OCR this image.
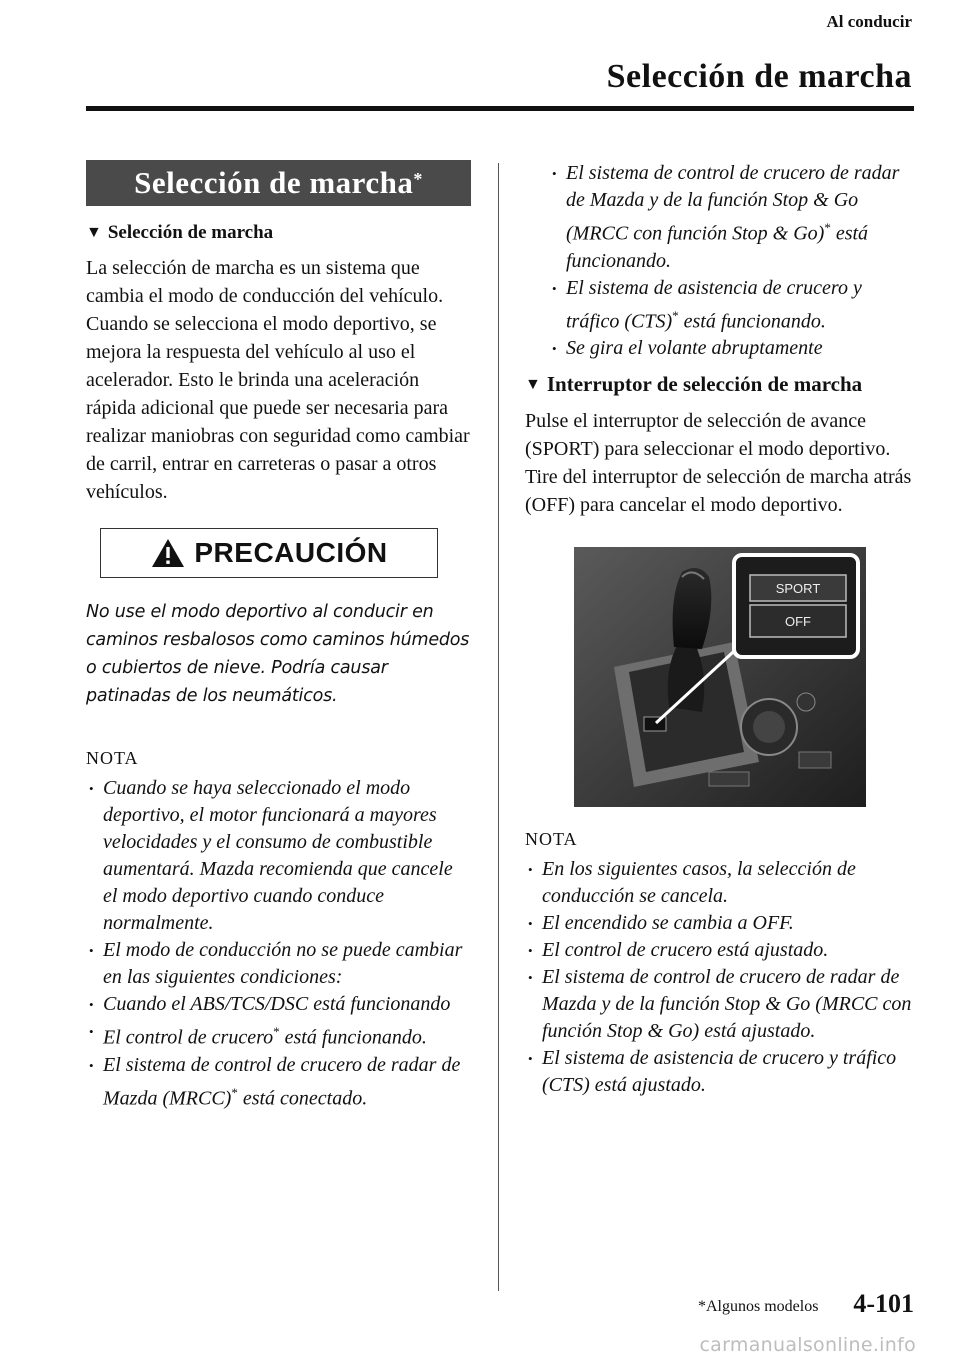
Al conducir
Selección de marcha
Selección de marcha*
▼ Selección de marcha

La selección de marcha es un sistema que cambia el modo de conducción del vehículo. Cuando se selecciona el modo deportivo, se mejora la respuesta del vehículo al uso el acelerador. Esto le brinda una aceleración rápida adicional que puede ser necesaria para realizar maniobras con seguridad como cambiar de carril, entrar en carreteras o pasar a otros vehículos.

PRECAUCIÓN

No use el modo deportivo al conducir en caminos resbalosos como caminos húmedos o cubiertos de nieve. Podría causar patinadas de los neumáticos.

NOTA
• Cuando se haya seleccionado el modo deportivo, el motor funcionará a mayores velocidades y el consumo de combustible aumentará. Mazda recomienda que cancele el modo deportivo cuando conduce normalmente.
• El modo de conducción no se puede cambiar en las siguientes condiciones:
• Cuando el ABS/TCS/DSC está funcionando
• El control de crucero* está funcionando.
• El sistema de control de crucero de radar de Mazda (MRCC)* está conectado.
• El sistema de control de crucero de radar de Mazda y de la función Stop & Go (MRCC con función Stop & Go)* está funcionando.
• El sistema de asistencia de crucero y tráfico (CTS)* está funcionando.
• Se gira el volante abruptamente
▼ Interruptor de selección de marcha

Pulse el interruptor de selección de avance (SPORT) para seleccionar el modo deportivo.

Tire del interruptor de selección de marcha atrás (OFF) para cancelar el modo deportivo.

SPORT
OFF
NOTA
• En los siguientes casos, la selección de conducción se cancela.
• El encendido se cambia a OFF.
• El control de crucero está ajustado.
• El sistema de control de crucero de radar de Mazda y de la función Stop & Go (MRCC con función Stop & Go) está ajustado.
• El sistema de asistencia de crucero y tráfico (CTS) está ajustado.
*Algunos modelos 4-101
carmanualsonline.info
